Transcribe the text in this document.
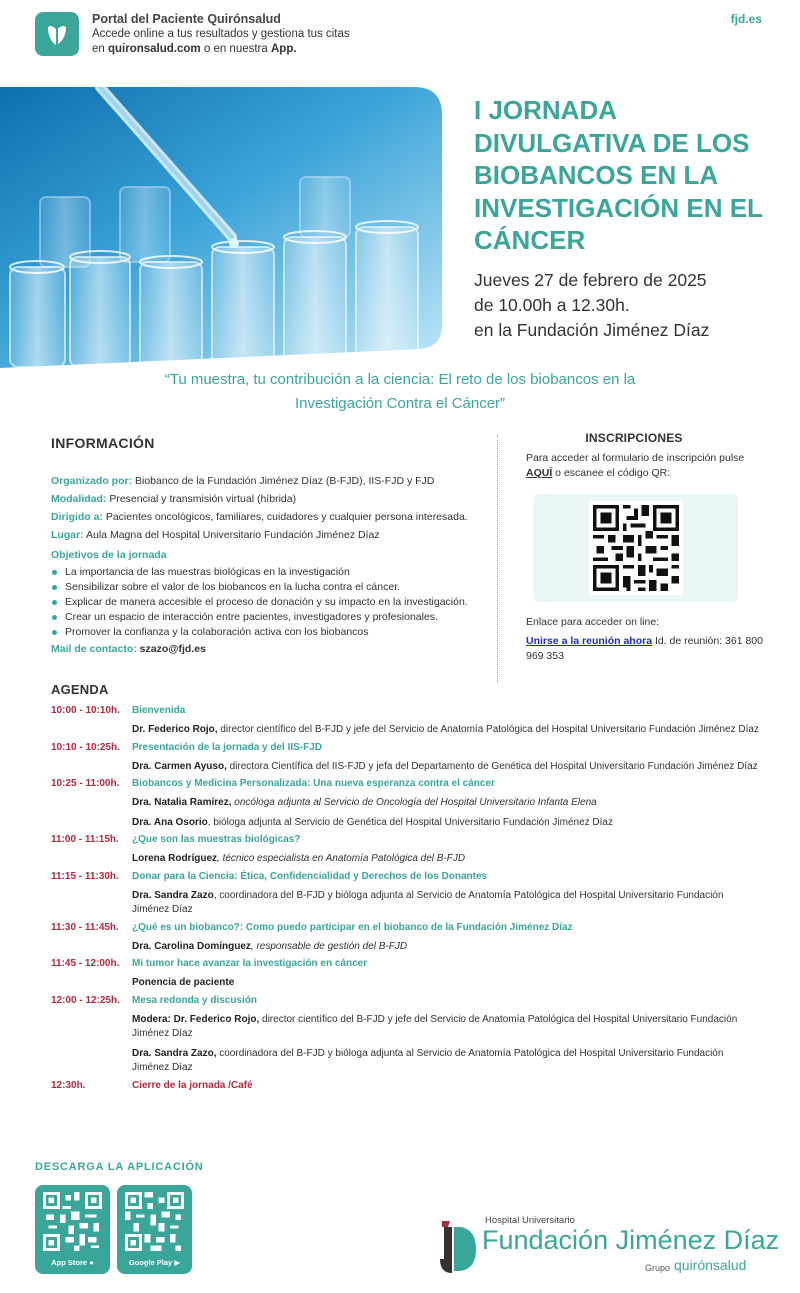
Portal del Paciente Quirónsalud
Accede online a tus resultados y gestiona tus citas
en quironsalud.com o en nuestra App.
fjd.es
I JORNADA DIVULGATIVA DE LOS BIOBANCOS EN LA INVESTIGACIÓN EN EL CÁNCER
Jueves 27 de febrero de 2025
de 10.00h a 12.30h.
en la Fundación Jiménez Díaz
“Tu muestra, tu contribución a la ciencia: El reto de los biobancos en la
Investigación Contra el Cáncer”
INFORMACIÓN
Organizado por: Biobanco de la Fundación Jiménez Díaz (B-FJD), IIS-FJD y FJD
Modalidad: Presencial y transmisión virtual (híbrida)
Dirigido a: Pacientes oncológicos, familiares, cuidadores y cualquier persona interesada.
Lugar: Aula Magna del Hospital Universitario Fundación Jiménez Díaz
Objetivos de la jornada
La importancia de las muestras biológicas en la investigación
Sensibilizar sobre el valor de los biobancos en la lucha contra el cáncer.
Explicar de manera accesible el proceso de donación y su impacto en la investigación.
Crear un espacio de interacción entre pacientes, investigadores y profesionales.
Promover la confianza y la colaboración activa con los biobancos
Mail de contacto: szazo@fjd.es
INSCRIPCIONES
Para acceder al formulario de inscripción pulse AQUÍ o escanee el código QR:
Enlace para acceder on line:
Unirse a la reunión ahora Id. de reunión: 361 800 969 353
AGENDA
10:00 - 10:10h.	Bienvenida
Dr. Federico Rojo, director científico del B-FJD y jefe del Servicio de Anatomía Patológica del Hospital Universitario Fundación Jiménez Díaz
10:10 - 10:25h.	Presentación de la jornada y del IIS-FJD
Dra. Carmen Ayuso, directora Científica del IIS-FJD y jefa del Departamento de Genética del Hospital Universitario Fundación Jiménez Díaz
10:25 - 11:00h.	Biobancos y Medicina Personalizada: Una nueva esperanza contra el cáncer
Dra. Natalia Ramírez, oncóloga adjunta al Servicio de Oncología del Hospital Universitario Infanta Elena
Dra. Ana Osorio, bióloga adjunta al Servicio de Genética del Hospital Universitario Fundación Jiménez Díaz
11:00 - 11:15h.	¿Que son las muestras biológicas?
Lorena Rodríguez, técnico especialista en Anatomía Patológica del B-FJD
11:15 - 11:30h.	Donar para la Ciencia: Ética, Confidencialidad y Derechos de los Donantes
Dra. Sandra Zazo, coordinadora del B-FJD y bióloga adjunta al Servicio de Anatomía Patológica del Hospital Universitario Fundación Jiménez Díaz
11:30 - 11:45h.	¿Qué es un biobanco?: Como puedo participar en el biobanco de la Fundación Jiménez Díaz
Dra. Carolina Domínguez, responsable de gestión del B-FJD
11:45 - 12:00h.	Mi tumor hace avanzar la investigación en cáncer
Ponencia de paciente
12:00 - 12:25h.	Mesa redonda y discusión
Modera: Dr. Federico Rojo, director científico del B-FJD y jefe del Servicio de Anatomía Patológica del Hospital Universitario Fundación Jiménez Díaz
Dra. Sandra Zazo, coordinadora del B-FJD y bióloga adjunta al Servicio de Anatomía Patológica del Hospital Universitario Fundación Jiménez Díaz
12:30h.	Cierre de la jornada /Café
DESCARGA LA APLICACIÓN
App Store ●	Google Play ▶
Hospital Universitario
Fundación Jiménez Díaz
Grupo quirónsalud
